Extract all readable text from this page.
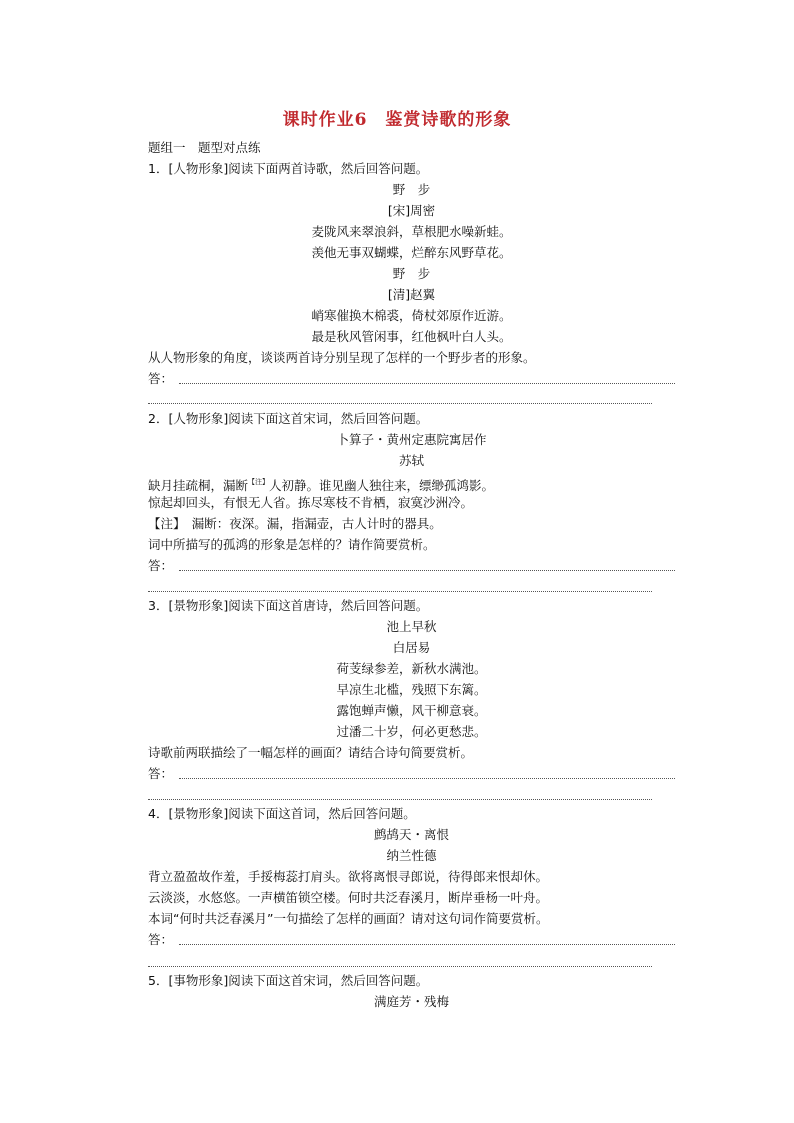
课时作业6　鉴赏诗歌的形象
题组一　题型对点练
1．[人物形象]阅读下面两首诗歌，然后回答问题。
野　步
[宋]周密
麦陇风来翠浪斜，草根肥水噪新蛙。
羡他无事双蝴蝶，烂醉东风野草花。
野　步
[清]赵翼
峭寒催换木棉裘，倚杖郊原作近游。
最是秋风管闲事，红他枫叶白人头。
从人物形象的角度，谈谈两首诗分别呈现了怎样的一个野步者的形象。
答：
2．[人物形象]阅读下面这首宋词，然后回答问题。
卜算子・黄州定惠院寓居作
苏轼
缺月挂疏桐，漏断$^{【注】}$人初静。谁见幽人独往来，缥缈孤鸿影。
惊起却回头，有恨无人省。拣尽寒枝不肯栖，寂寞沙洲冷。
【注】　漏断：夜深。漏，指漏壶，古人计时的器具。
词中所描写的孤鸿的形象是怎样的？请作简要赏析。
答：
3．[景物形象]阅读下面这首唐诗，然后回答问题。
池上早秋
白居易
荷芰绿参差，新秋水满池。
早凉生北槛，残照下东篱。
露饱蝉声懒，风干柳意衰。
过潘二十岁，何必更愁悲。
诗歌前两联描绘了一幅怎样的画面？请结合诗句简要赏析。
答：
4．[景物形象]阅读下面这首词，然后回答问题。
鹧鸪天・离恨
纳兰性德
背立盈盈故作羞，手挼梅蕊打肩头。欲将离恨寻郎说，待得郎来恨却休。
云淡淡，水悠悠。一声横笛锁空楼。何时共泛春溪月，断岸垂杨一叶舟。
本词“何时共泛春溪月”一句描绘了怎样的画面？请对这句词作简要赏析。
答：
5．[事物形象]阅读下面这首宋词，然后回答问题。
满庭芳・残梅
